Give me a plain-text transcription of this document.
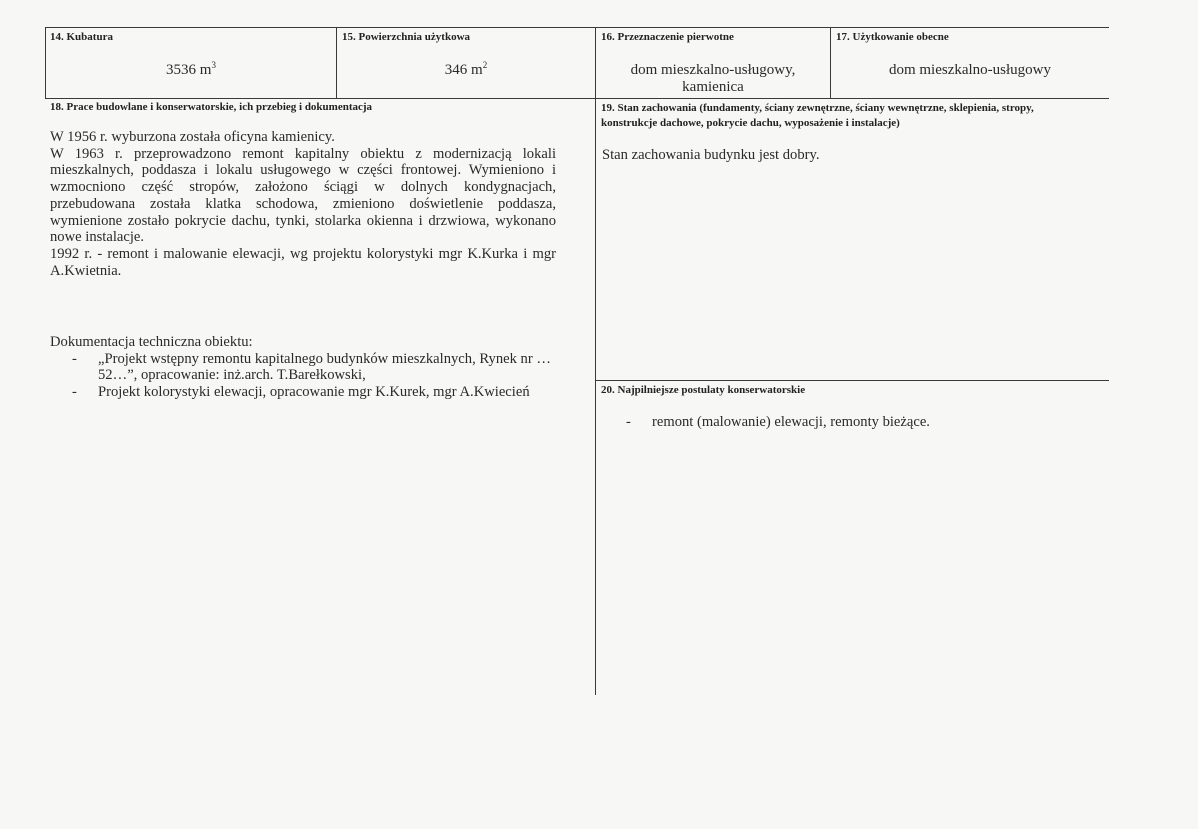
14. Kubatura
3536 $m^3$
15. Powierzchnia użytkowa
346 $m^2$
16. Przeznaczenie pierwotne
dom mieszkalno-usługowy,
kamienica
17. Użytkowanie obecne
dom mieszkalno-usługowy
18. Prace budowlane i konserwatorskie, ich przebieg i dokumentacja

W 1956 r. wyburzona została oficyna kamienicy.

W 1963 r. przeprowadzono remont kapitalny obiektu z modernizacją lokali mieszkalnych, poddasza i lokalu usługowego w części frontowej. Wymieniono i wzmocniono część stropów, założono ściągi w dolnych kondygnacjach, przebudowana została klatka schodowa, zmieniono doświetlenie poddasza, wymienione zostało pokrycie dachu, tynki, stolarka okienna i drzwiowa, wykonano nowe instalacje.

1992 r. - remont i malowanie elewacji, wg projektu kolorystyki mgr K.Kurka i mgr A.Kwietnia.

Dokumentacja techniczna obiektu:
- „Projekt wstępny remontu kapitalnego budynków mieszkalnych, Rynek nr …52…”, opracowanie: inż.arch. T.Barełkowski,
- Projekt kolorystyki elewacji, opracowanie mgr K.Kurek, mgr A.Kwiecień
19. Stan zachowania (fundamenty, ściany zewnętrzne, ściany wewnętrzne, sklepienia, stropy, konstrukcje dachowe, pokrycie dachu, wyposażenie i instalacje)
Stan zachowania budynku jest dobry.
20. Najpilniejsze postulaty konserwatorskie
- remont (malowanie) elewacji, remonty bieżące.
